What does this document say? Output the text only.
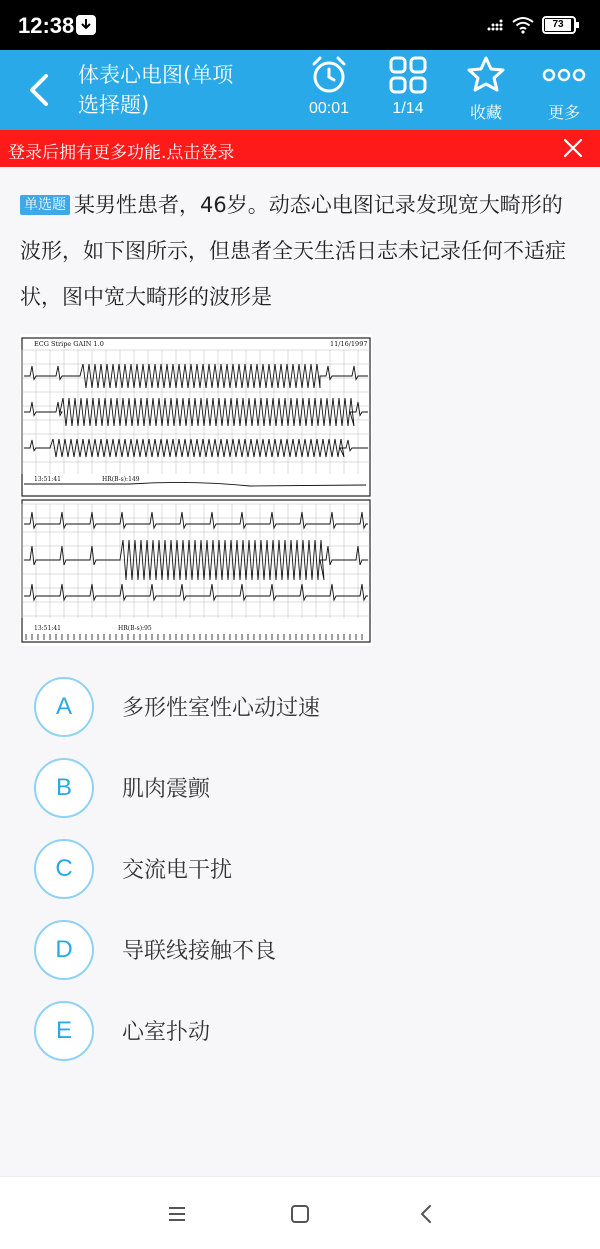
12:38	73
体表心电图(单项选择题)	00:01	1/14	收藏	更多
登录后拥有更多功能.点击登录
单选题 某男性患者，46岁。动态心电图记录发现宽大畸形的波形，如下图所示，但患者全天生活日志未记录任何不适症状，图中宽大畸形的波形是
ECG Stripe GAIN 1.0	11/16/1997
13:51:41	HR(B-s):149
13:51:41	HR(B-s):95
A	多形性室性心动过速
B	肌肉震颤
C	交流电干扰
D	导联线接触不良
E	心室扑动
